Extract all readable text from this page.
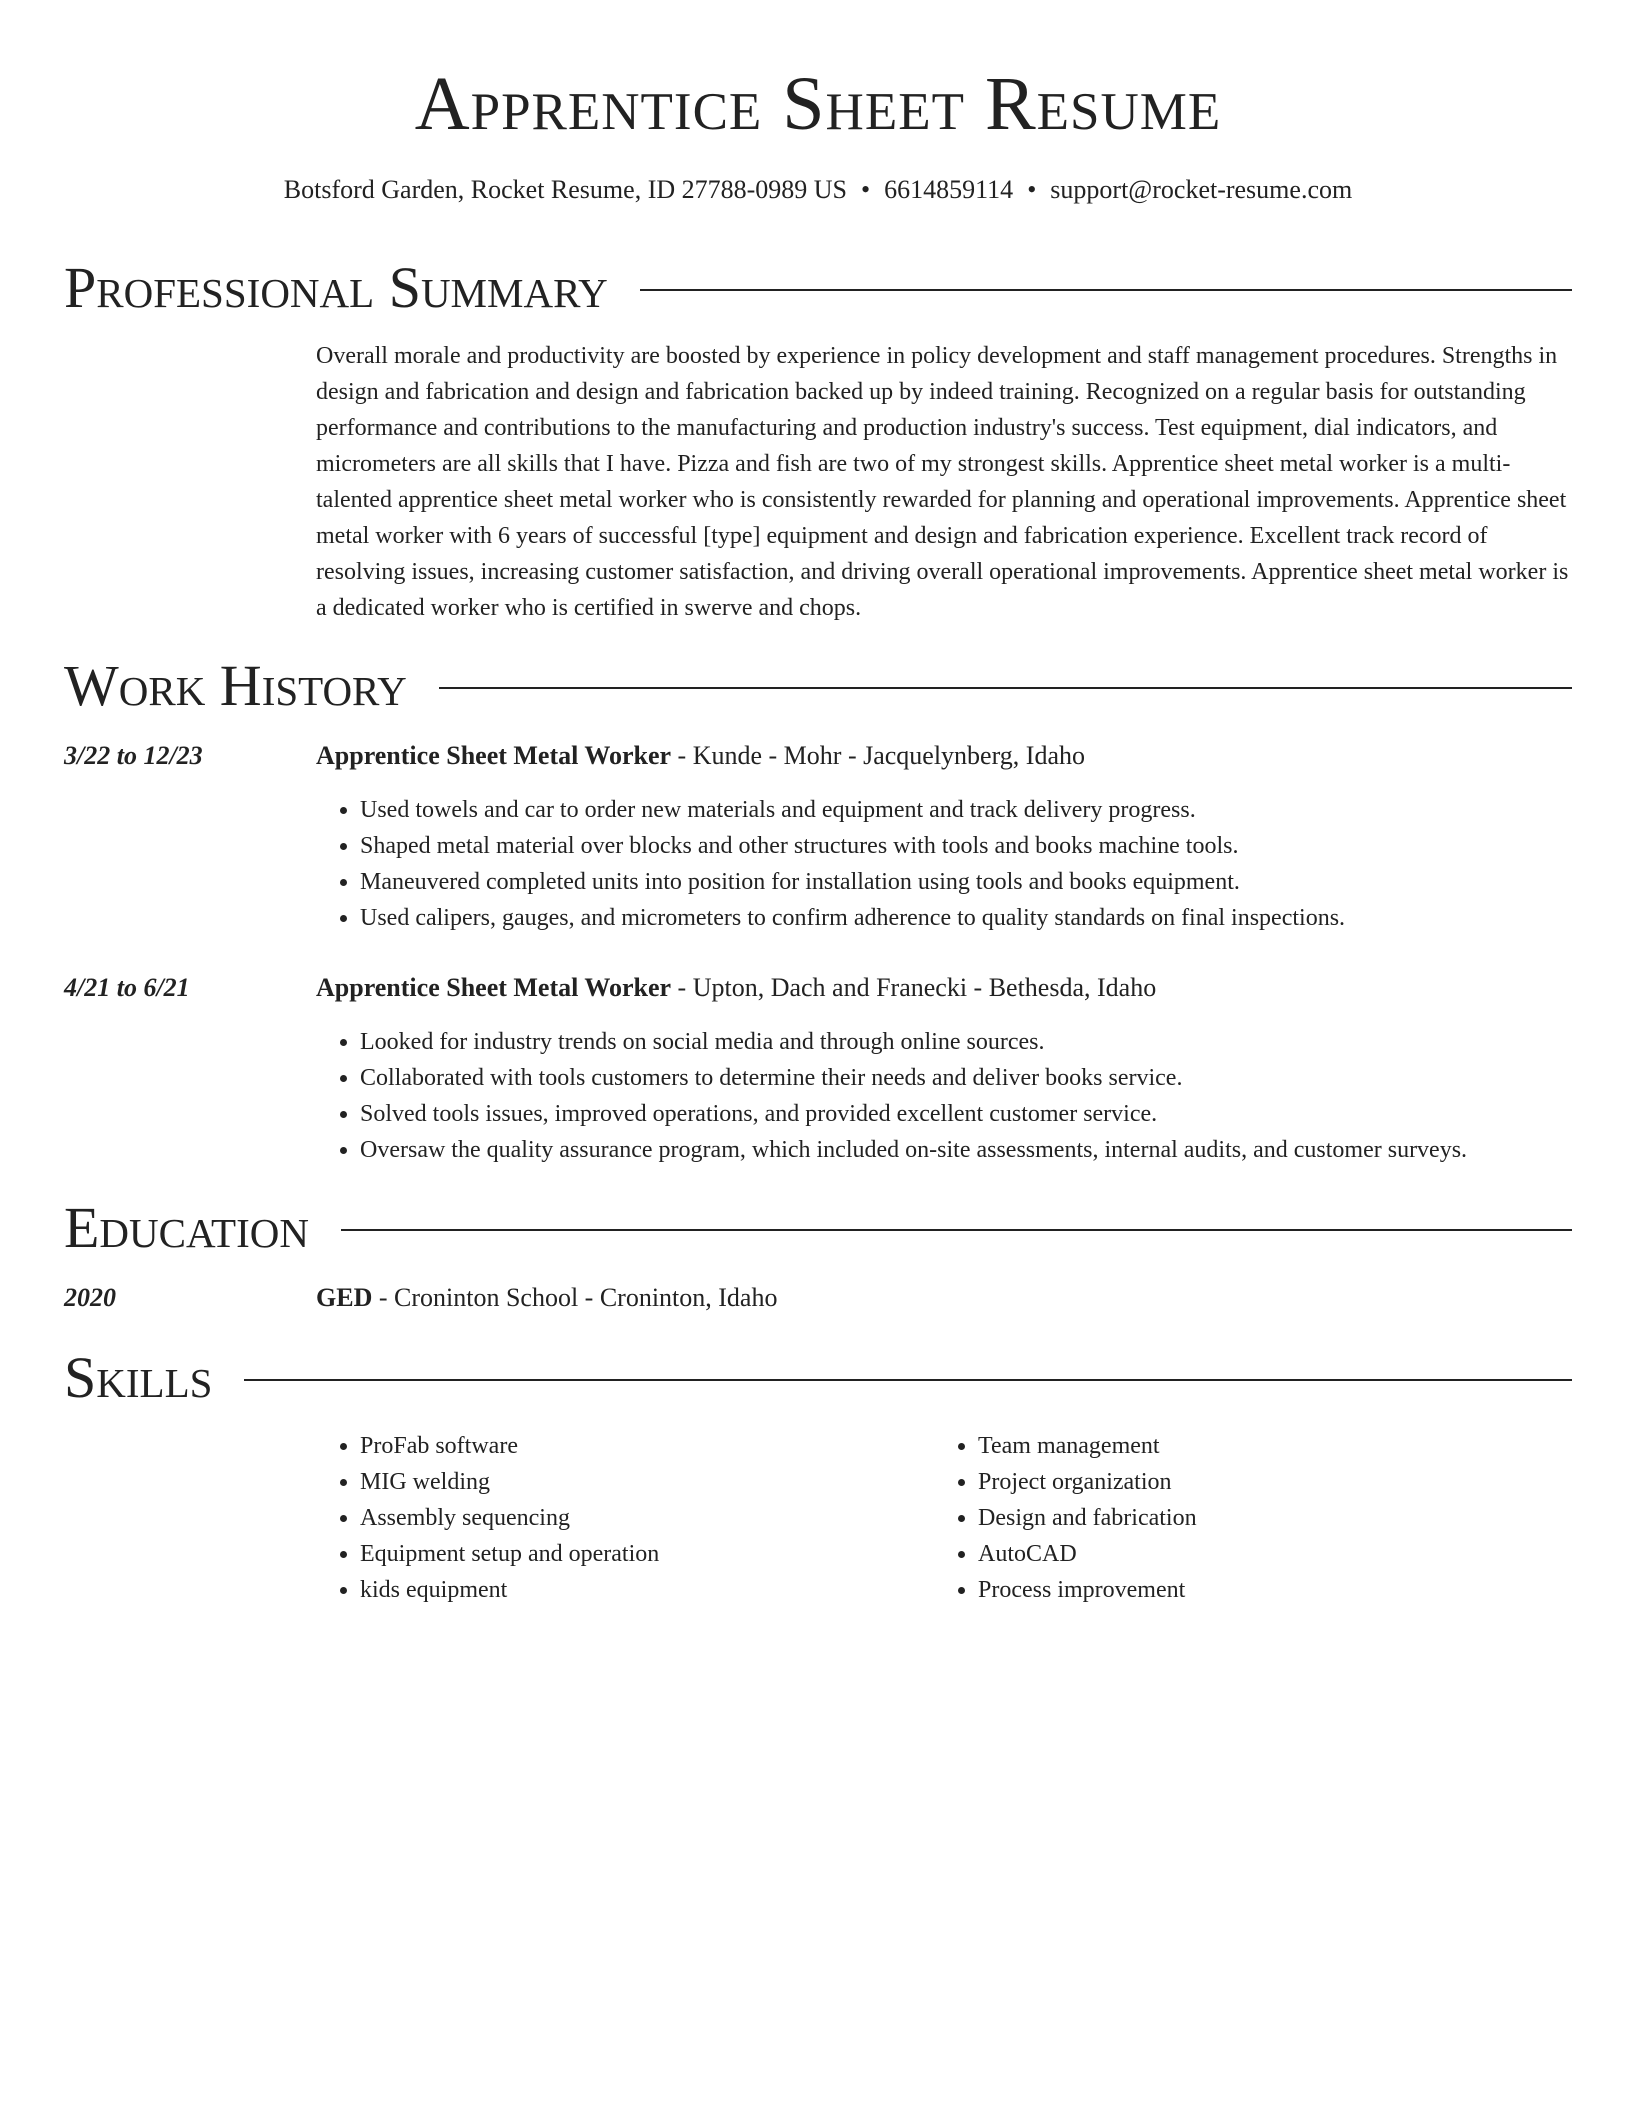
Apprentice Sheet Resume
Botsford Garden, Rocket Resume, ID 27788-0989 US • 6614859114 • support@rocket-resume.com
Professional Summary

Overall morale and productivity are boosted by experience in policy development and staff management procedures. Strengths in design and fabrication and design and fabrication backed up by indeed training. Recognized on a regular basis for outstanding performance and contributions to the manufacturing and production industry's success. Test equipment, dial indicators, and micrometers are all skills that I have. Pizza and fish are two of my strongest skills. Apprentice sheet metal worker is a multi-talented apprentice sheet metal worker who is consistently rewarded for planning and operational improvements. Apprentice sheet metal worker with 6 years of successful [type] equipment and design and fabrication experience. Excellent track record of resolving issues, increasing customer satisfaction, and driving overall operational improvements. Apprentice sheet metal worker is a dedicated worker who is certified in swerve and chops.

Work History
3/22 to 12/23	Apprentice Sheet Metal Worker - Kunde - Mohr - Jacquelynberg, Idaho
• Used towels and car to order new materials and equipment and track delivery progress.
• Shaped metal material over blocks and other structures with tools and books machine tools.
• Maneuvered completed units into position for installation using tools and books equipment.
• Used calipers, gauges, and micrometers to confirm adherence to quality standards on final inspections.
4/21 to 6/21	Apprentice Sheet Metal Worker - Upton, Dach and Franecki - Bethesda, Idaho
• Looked for industry trends on social media and through online sources.
• Collaborated with tools customers to determine their needs and deliver books service.
• Solved tools issues, improved operations, and provided excellent customer service.
• Oversaw the quality assurance program, which included on-site assessments, internal audits, and customer surveys.
Education
2020	GED - Croninton School - Croninton, Idaho
Skills
• ProFab software
• MIG welding
• Assembly sequencing
• Equipment setup and operation
• kids equipment
• Team management
• Project organization
• Design and fabrication
• AutoCAD
• Process improvement
